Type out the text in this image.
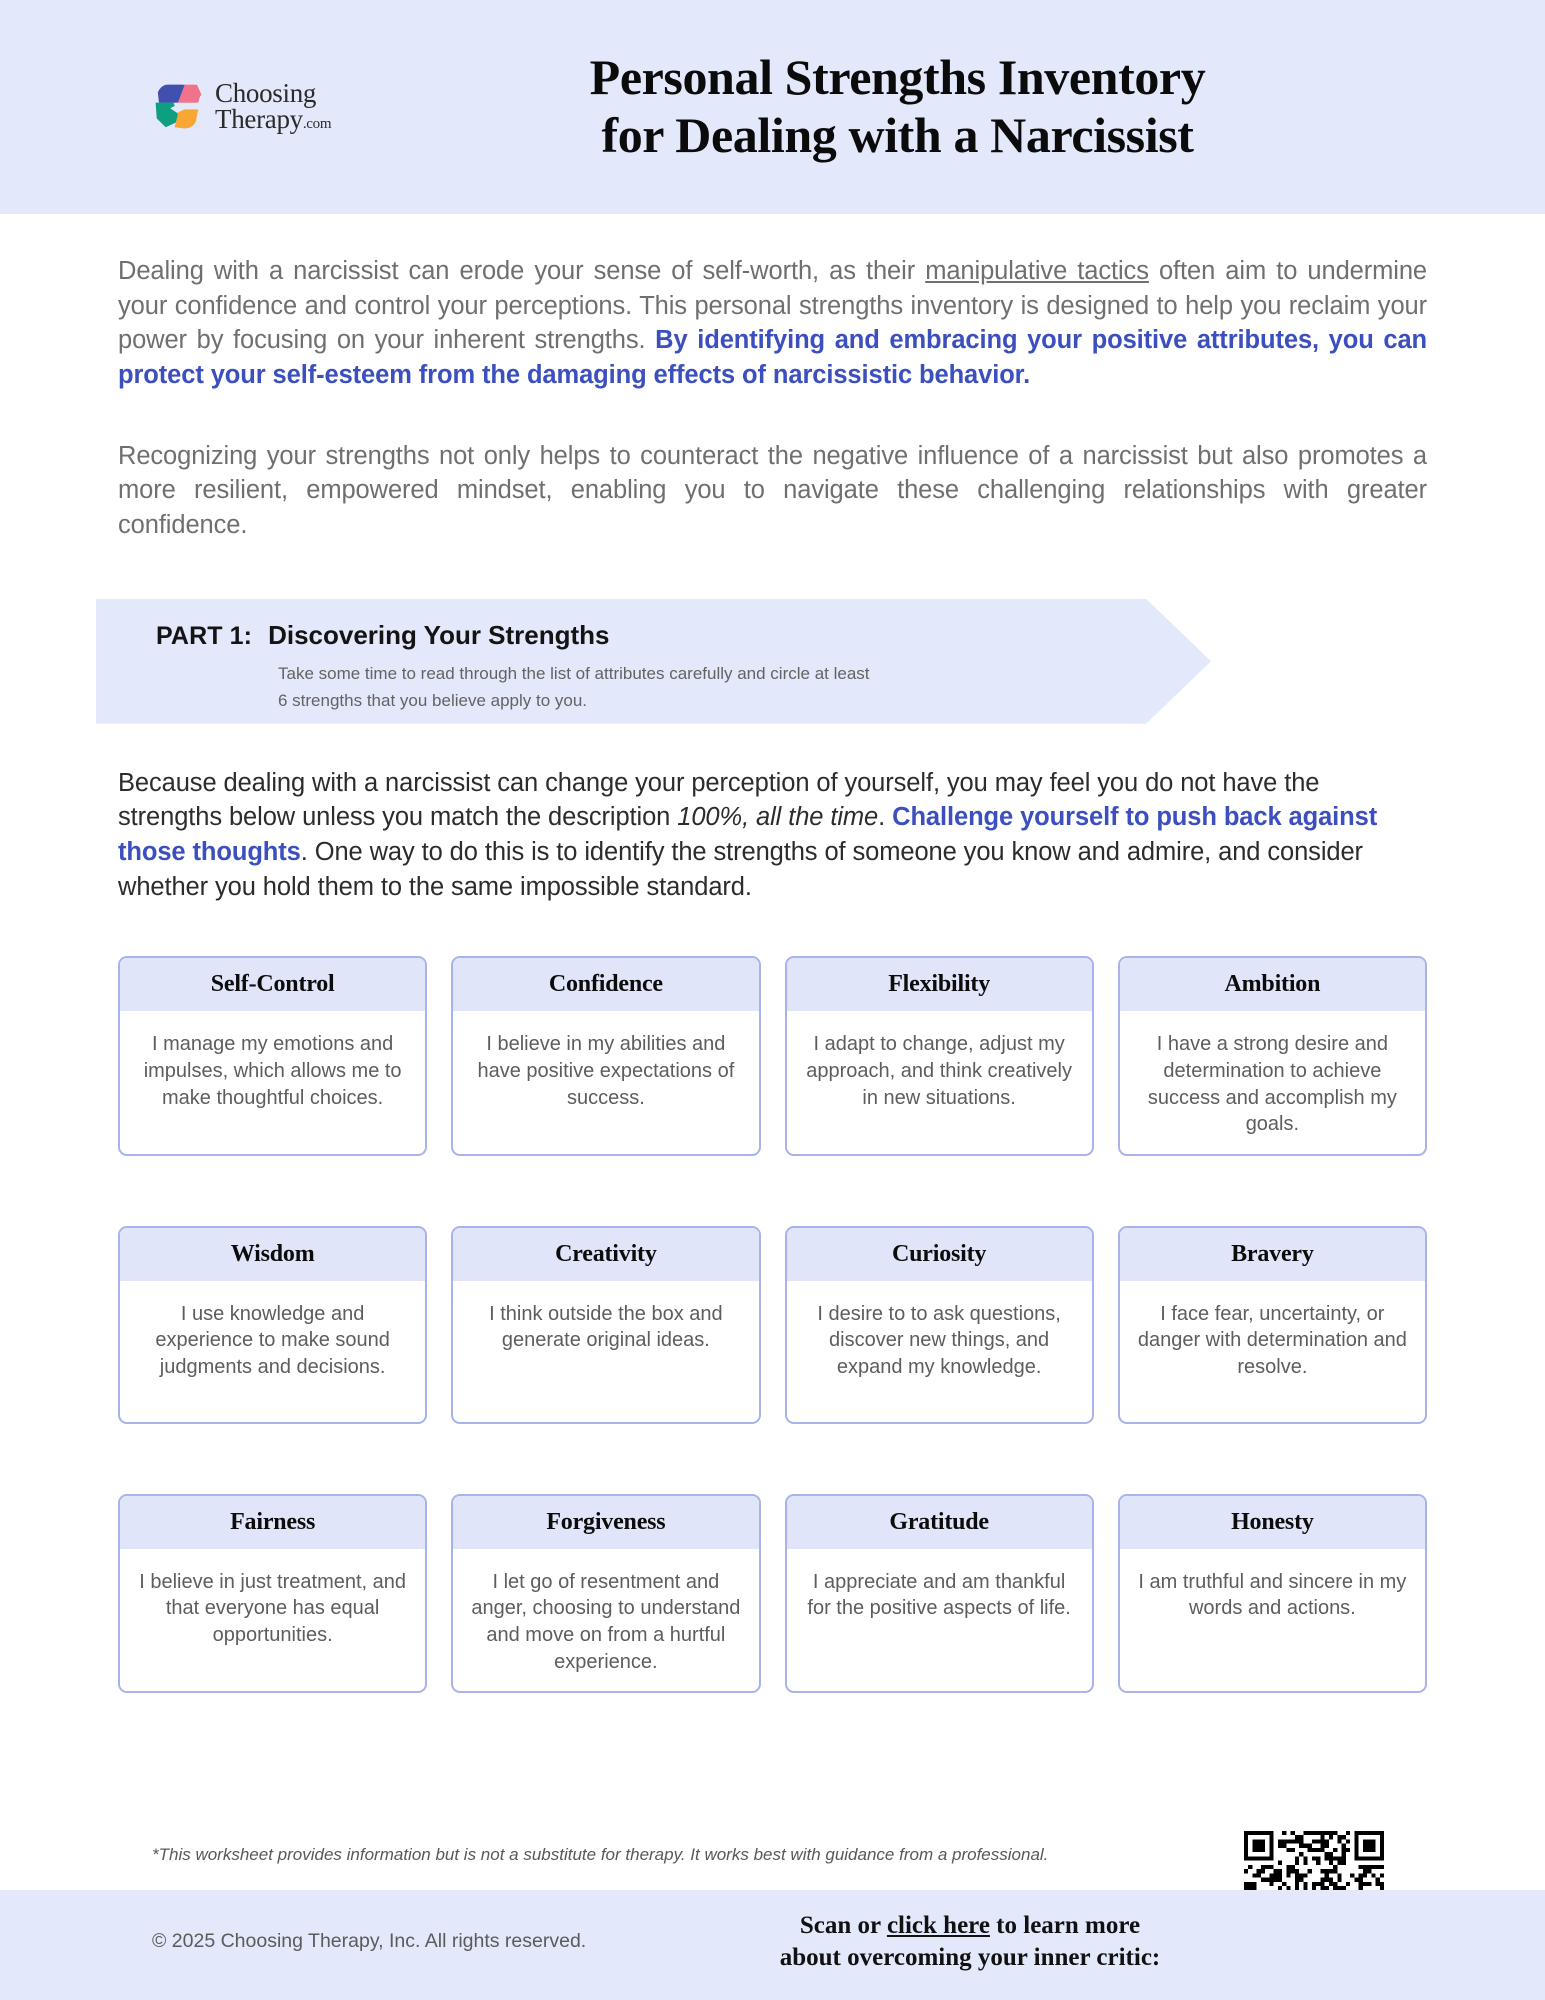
Choosing
Therapy.com
Personal Strengths Inventory
for Dealing with a Narcissist

Dealing with a narcissist can erode your sense of self-worth, as their manipulative tactics often aim to undermine your confidence and control your perceptions. This personal strengths inventory is designed to help you reclaim your power by focusing on your inherent strengths. By identifying and embracing your positive attributes, you can protect your self-esteem from the damaging effects of narcissistic behavior.

Recognizing your strengths not only helps to counteract the negative influence of a narcissist but also promotes a more resilient, empowered mindset, enabling you to navigate these challenging relationships with greater confidence.

PART 1: Discovering Your Strengths
Take some time to read through the list of attributes carefully and circle at least
6 strengths that you believe apply to you.

Because dealing with a narcissist can change your perception of yourself, you may feel you do not have the strengths below unless you match the description 100%, all the time. Challenge yourself to push back against those thoughts. One way to do this is to identify the strengths of someone you know and admire, and consider whether you hold them to the same impossible standard.

Self-Control
I manage my emotions and impulses, which allows me to make thoughtful choices.
Confidence
I believe in my abilities and have positive expectations of success.
Flexibility
I adapt to change, adjust my approach, and think creatively in new situations.
Ambition
I have a strong desire and determination to achieve success and accomplish my goals.
Wisdom
I use knowledge and experience to make sound judgments and decisions.
Creativity
I think outside the box and generate original ideas.
Curiosity
I desire to to ask questions, discover new things, and expand my knowledge.
Bravery
I face fear, uncertainty, or danger with determination and resolve.
Fairness
I believe in just treatment, and that everyone has equal opportunities.
Forgiveness
I let go of resentment and anger, choosing to understand and move on from a hurtful experience.
Gratitude
I appreciate and am thankful for the positive aspects of life.
Honesty
I am truthful and sincere in my words and actions.
*This worksheet provides information but is not a substitute for therapy. It works best with guidance from a professional.
© 2025 Choosing Therapy, Inc. All rights reserved.
Scan or click here to learn more
about overcoming your inner critic:
